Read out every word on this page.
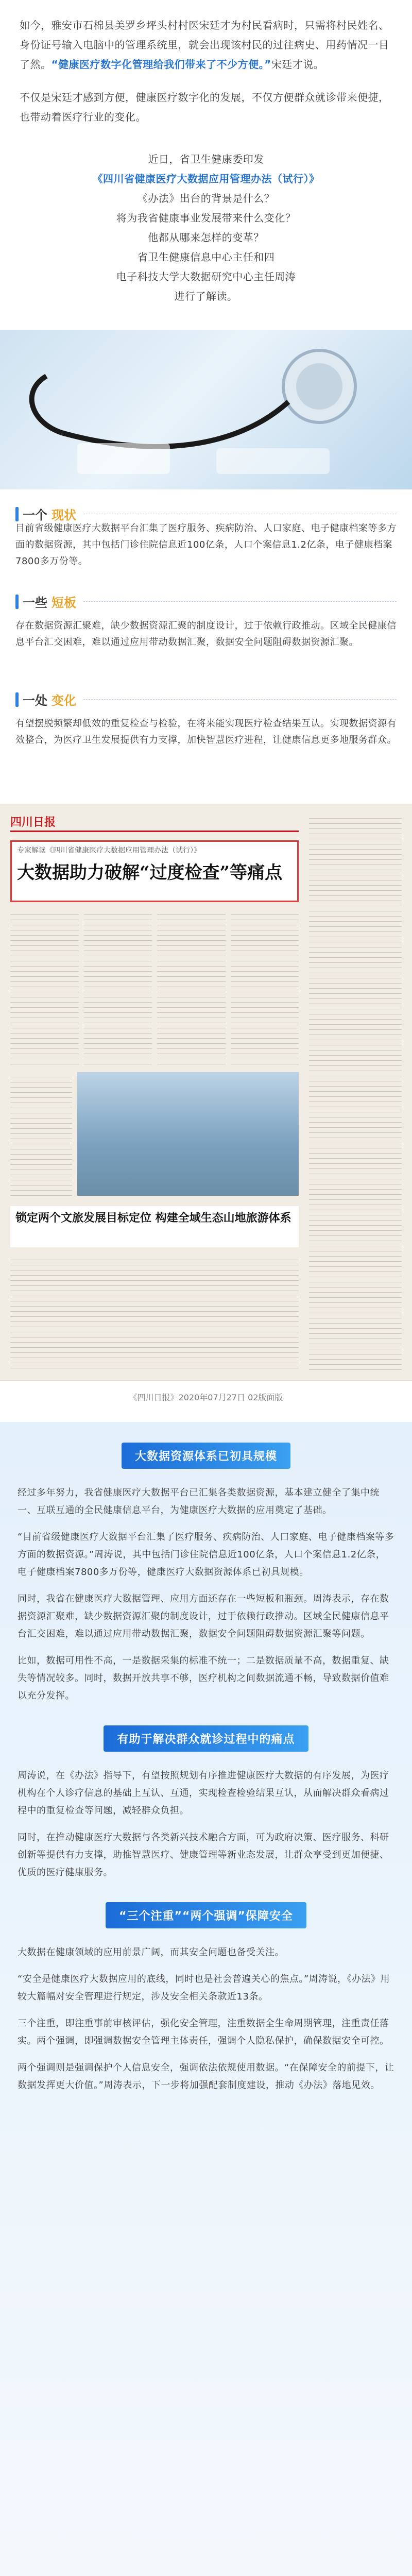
如今，雅安市石棉县美罗乡坪头村村医宋廷才为村民看病时，只需将村民姓名、身份证号输入电脑中的管理系统里，就会出现该村民的过往病史、用药情况一目了然。“健康医疗数字化管理给我们带来了不少方便。”宋廷才说。

不仅是宋廷才感到方便，健康医疗数字化的发展，不仅方便群众就诊带来便捷，也带动着医疗行业的变化。

近日，省卫生健康委印发

《四川省健康医疗大数据应用管理办法（试行）》

《办法》出台的背景是什么？

将为我省健康事业发展带来什么变化？

他都从哪来怎样的变革？

省卫生健康信息中心主任和四

电子科技大学大数据研究中心主任周涛

进行了解读。

一个 现状

目前省级健康医疗大数据平台汇集了医疗服务、疾病防治、人口家庭、电子健康档案等多方面的数据资源，其中包括门诊住院信息近100亿条，人口个案信息1.2亿条，电子健康档案7800多万份等。

一些 短板

存在数据资源汇聚难，缺少数据资源汇聚的制度设计，过于依赖行政推动。区域全民健康信息平台汇交困难，难以通过应用带动数据汇聚，数据安全问题阻碍数据资源汇聚。

一处 变化

有望摆脱频繁却低效的重复检查与检验，在将来能实现医疗检查结果互认。实现数据资源有效整合，为医疗卫生发展提供有力支撑，加快智慧医疗进程，让健康信息更多地服务群众。

四川日报

专家解读《四川省健康医疗大数据应用管理办法（试行）》

大数据助力破解“过度检查”等痛点

锁定两个文旅发展目标定位 构建全域生态山地旅游体系

《四川日报》2020年07月27日 02版面版

大数据资源体系已初具规模

经过多年努力，我省健康医疗大数据平台已汇集各类数据资源，基本建立健全了集中统一、互联互通的全民健康信息平台，为健康医疗大数据的应用奠定了基础。

“目前省级健康医疗大数据平台汇集了医疗服务、疾病防治、人口家庭、电子健康档案等多方面的数据资源。”周涛说，其中包括门诊住院信息近100亿条，人口个案信息1.2亿条，电子健康档案7800多万份等，健康医疗大数据资源体系已初具规模。

同时，我省在健康医疗大数据管理、应用方面还存在一些短板和瓶颈。周涛表示，存在数据资源汇聚难，缺少数据资源汇聚的制度设计，过于依赖行政推动。区域全民健康信息平台汇交困难，难以通过应用带动数据汇聚，数据安全问题阻碍数据资源汇聚等问题。

比如，数据可用性不高，一是数据采集的标准不统一；二是数据质量不高，数据重复、缺失等情况较多。同时，数据开放共享不够，医疗机构之间数据流通不畅，导致数据价值难以充分发挥。

有助于解决群众就诊过程中的痛点

周涛说，在《办法》指导下，有望按照规划有序推进健康医疗大数据的有序发展，为医疗机构在个人诊疗信息的基础上互认、互通，实现检查检验结果互认，从而解决群众看病过程中的重复检查等问题，减轻群众负担。

同时，在推动健康医疗大数据与各类新兴技术融合方面，可为政府决策、医疗服务、科研创新等提供有力支撑，助推智慧医疗、健康管理等新业态发展，让群众享受到更加便捷、优质的医疗健康服务。

“三个注重”“两个强调”保障安全

大数据在健康领域的应用前景广阔，而其安全问题也备受关注。

“安全是健康医疗大数据应用的底线，同时也是社会普遍关心的焦点。”周涛说，《办法》用较大篇幅对安全管理进行规定，涉及安全相关条款近13条。

三个注重，即注重事前审核评估，强化安全管理，注重数据全生命周期管理，注重责任落实。两个强调，即强调数据安全管理主体责任，强调个人隐私保护，确保数据安全可控。

两个强调则是强调保护个人信息安全，强调依法依规使用数据。“在保障安全的前提下，让数据发挥更大价值。”周涛表示，下一步将加强配套制度建设，推动《办法》落地见效。
